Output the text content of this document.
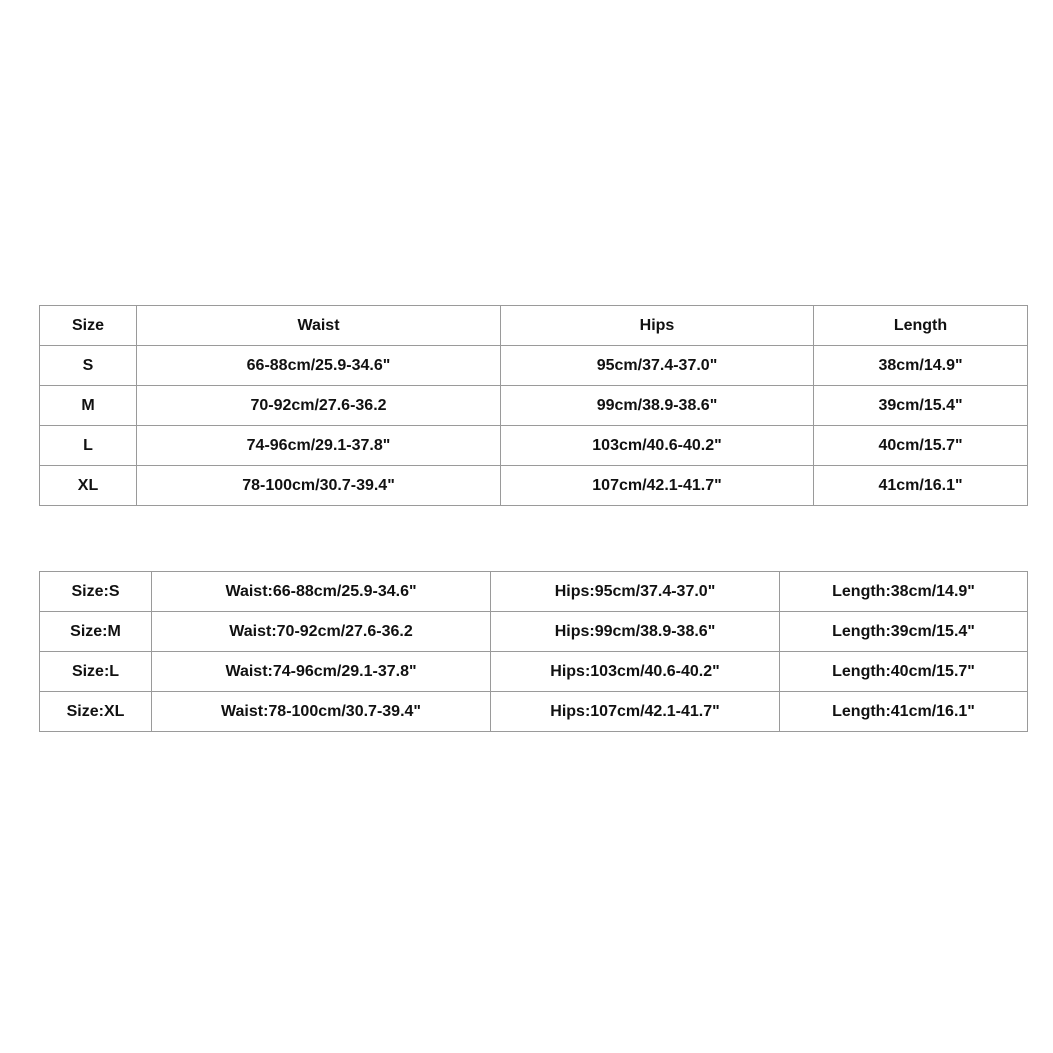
Size	Waist	Hips	Length
S	66-88cm/25.9-34.6"	95cm/37.4-37.0"	38cm/14.9"
M	70-92cm/27.6-36.2	99cm/38.9-38.6"	39cm/15.4"
L	74-96cm/29.1-37.8"	103cm/40.6-40.2"	40cm/15.7"
XL	78-100cm/30.7-39.4"	107cm/42.1-41.7"	41cm/16.1"
Size:S	Waist:66-88cm/25.9-34.6"	Hips:95cm/37.4-37.0"	Length:38cm/14.9"
Size:M	Waist:70-92cm/27.6-36.2	Hips:99cm/38.9-38.6"	Length:39cm/15.4"
Size:L	Waist:74-96cm/29.1-37.8"	Hips:103cm/40.6-40.2"	Length:40cm/15.7"
Size:XL	Waist:78-100cm/30.7-39.4"	Hips:107cm/42.1-41.7"	Length:41cm/16.1"
